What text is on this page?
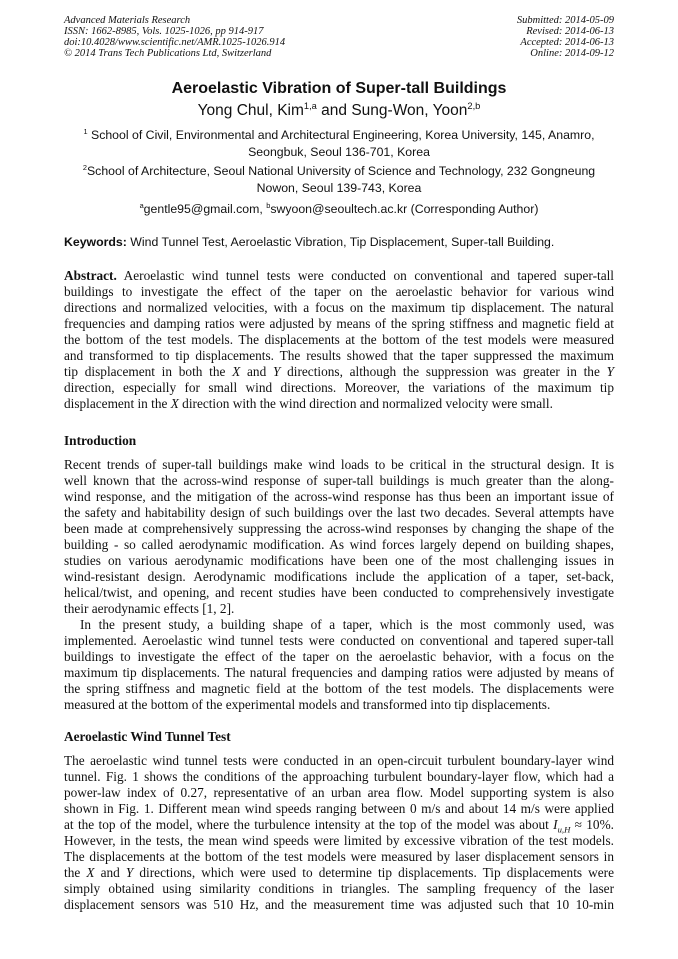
Advanced Materials Research
ISSN: 1662-8985, Vols. 1025-1026, pp 914-917
doi:10.4028/www.scientific.net/AMR.1025-1026.914
© 2014 Trans Tech Publications Ltd, Switzerland
Submitted: 2014-05-09
Revised: 2014-06-13
Accepted: 2014-06-13
Online: 2014-09-12
Aeroelastic Vibration of Super-tall Buildings
Yong Chul, Kim$^{1,a}$ and Sung-Won, Yoon$^{2,b}$
$^1$ School of Civil, Environmental and Architectural Engineering, Korea University, 145, Anamro,
Seongbuk, Seoul 136-701, Korea
$^2$School of Architecture, Seoul National University of Science and Technology, 232 Gongneung
Nowon, Seoul 139-743, Korea
$^a$gentle95@gmail.com, $^b$swyoon@seoultech.ac.kr (Corresponding Author)
Keywords: Wind Tunnel Test, Aeroelastic Vibration, Tip Displacement, Super-tall Building.
Abstract. Aeroelastic wind tunnel tests were conducted on conventional and tapered super-tall
buildings to investigate the effect of the taper on the aeroelastic behavior for various wind
directions and normalized velocities, with a focus on the maximum tip displacement. The natural
frequencies and damping ratios were adjusted by means of the spring stiffness and magnetic field at
the bottom of the test models. The displacements at the bottom of the test models were measured
and transformed to tip displacements. The results showed that the taper suppressed the maximum
tip displacement in both the X and Y directions, although the suppression was greater in the Y
direction, especially for small wind directions. Moreover, the variations of the maximum tip
displacement in the X direction with the wind direction and normalized velocity were small.
Introduction
Recent trends of super-tall buildings make wind loads to be critical in the structural design. It is
well known that the across-wind response of super-tall buildings is much greater than the along-
wind response, and the mitigation of the across-wind response has thus been an important issue of
the safety and habitability design of such buildings over the last two decades. Several attempts have
been made at comprehensively suppressing the across-wind responses by changing the shape of the
building - so called aerodynamic modification. As wind forces largely depend on building shapes,
studies on various aerodynamic modifications have been one of the most challenging issues in
wind-resistant design. Aerodynamic modifications include the application of a taper, set-back,
helical/twist, and opening, and recent studies have been conducted to comprehensively investigate
their aerodynamic effects [1, 2].
In the present study, a building shape of a taper, which is the most commonly used, was
implemented. Aeroelastic wind tunnel tests were conducted on conventional and tapered super-tall
buildings to investigate the effect of the taper on the aeroelastic behavior, with a focus on the
maximum tip displacements. The natural frequencies and damping ratios were adjusted by means of
the spring stiffness and magnetic field at the bottom of the test models. The displacements were
measured at the bottom of the experimental models and transformed into tip displacements.
Aeroelastic Wind Tunnel Test
The aeroelastic wind tunnel tests were conducted in an open-circuit turbulent boundary-layer wind
tunnel. Fig. 1 shows the conditions of the approaching turbulent boundary-layer flow, which had a
power-law index of 0.27, representative of an urban area flow. Model supporting system is also
shown in Fig. 1. Different mean wind speeds ranging between 0 m/s and about 14 m/s were applied
at the top of the model, where the turbulence intensity at the top of the model was about $I_{u,H} \approx 10\%$.
However, in the tests, the mean wind speeds were limited by excessive vibration of the test models.
The displacements at the bottom of the test models were measured by laser displacement sensors in
the X and Y directions, which were used to determine tip displacements. Tip displacements were
simply obtained using similarity conditions in triangles. The sampling frequency of the laser
displacement sensors was 510 Hz, and the measurement time was adjusted such that 10 10-min
